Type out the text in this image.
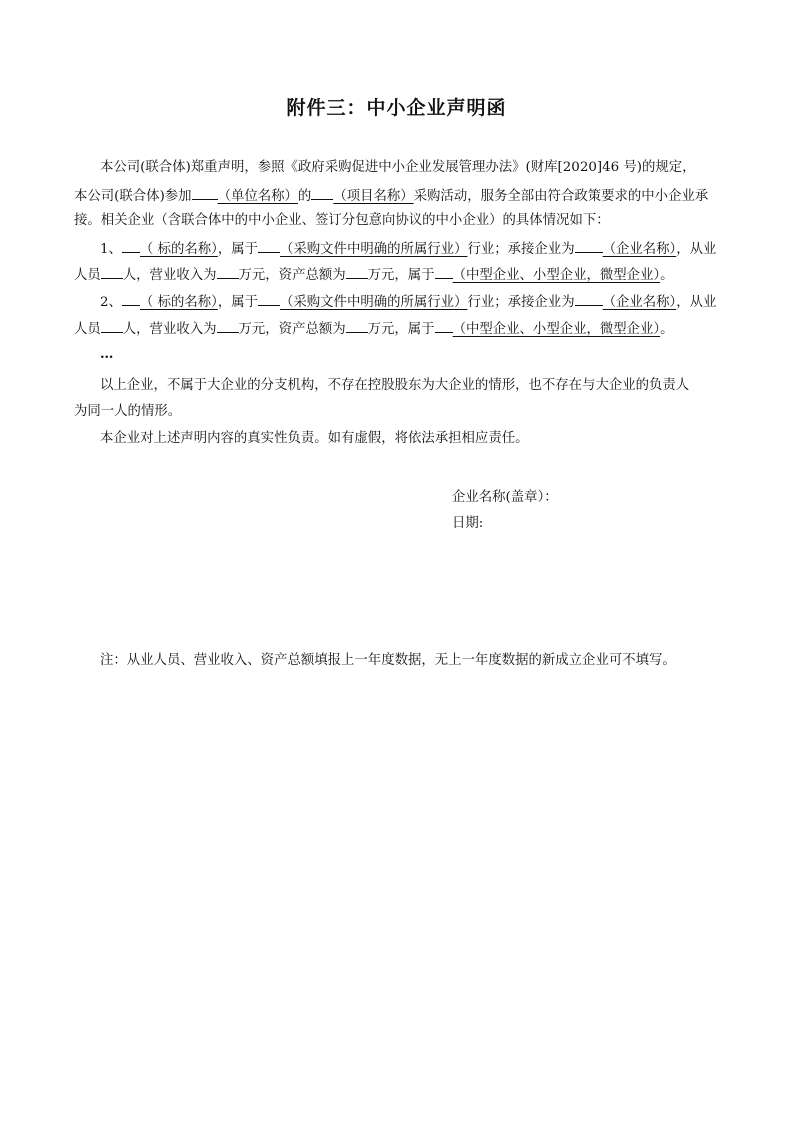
附件三：中小企业声明函
本公司(联合体)郑重声明，参照《政府采购促进中小企业发展管理办法》(财库[2020]46 号)的规定，
本公司(联合体)参加 （单位名称）的 （项目名称）采购活动，服务全部由符合政策要求的中小企业承
接。相关企业（含联合体中的中小企业、签订分包意向协议的中小企业）的具体情况如下：
1、 （ 标的名称），属于 （采购文件中明确的所属行业）行业；承接企业为 （企业名称），从业
人员 人，营业收入为 万元，资产总额为 万元，属于 （中型企业、小型企业，微型企业）。
2、 （ 标的名称），属于 （采购文件中明确的所属行业）行业；承接企业为 （企业名称），从业
人员 人，营业收入为 万元，资产总额为 万元，属于 （中型企业、小型企业，微型企业）。
…
以上企业，不属于大企业的分支机构，不存在控股股东为大企业的情形，也不存在与大企业的负责人
为同一人的情形。
本企业对上述声明内容的真实性负责。如有虚假，将依法承担相应责任。
企业名称(盖章）：
日期:
注：从业人员、营业收入、资产总额填报上一年度数据，无上一年度数据的新成立企业可不填写。
